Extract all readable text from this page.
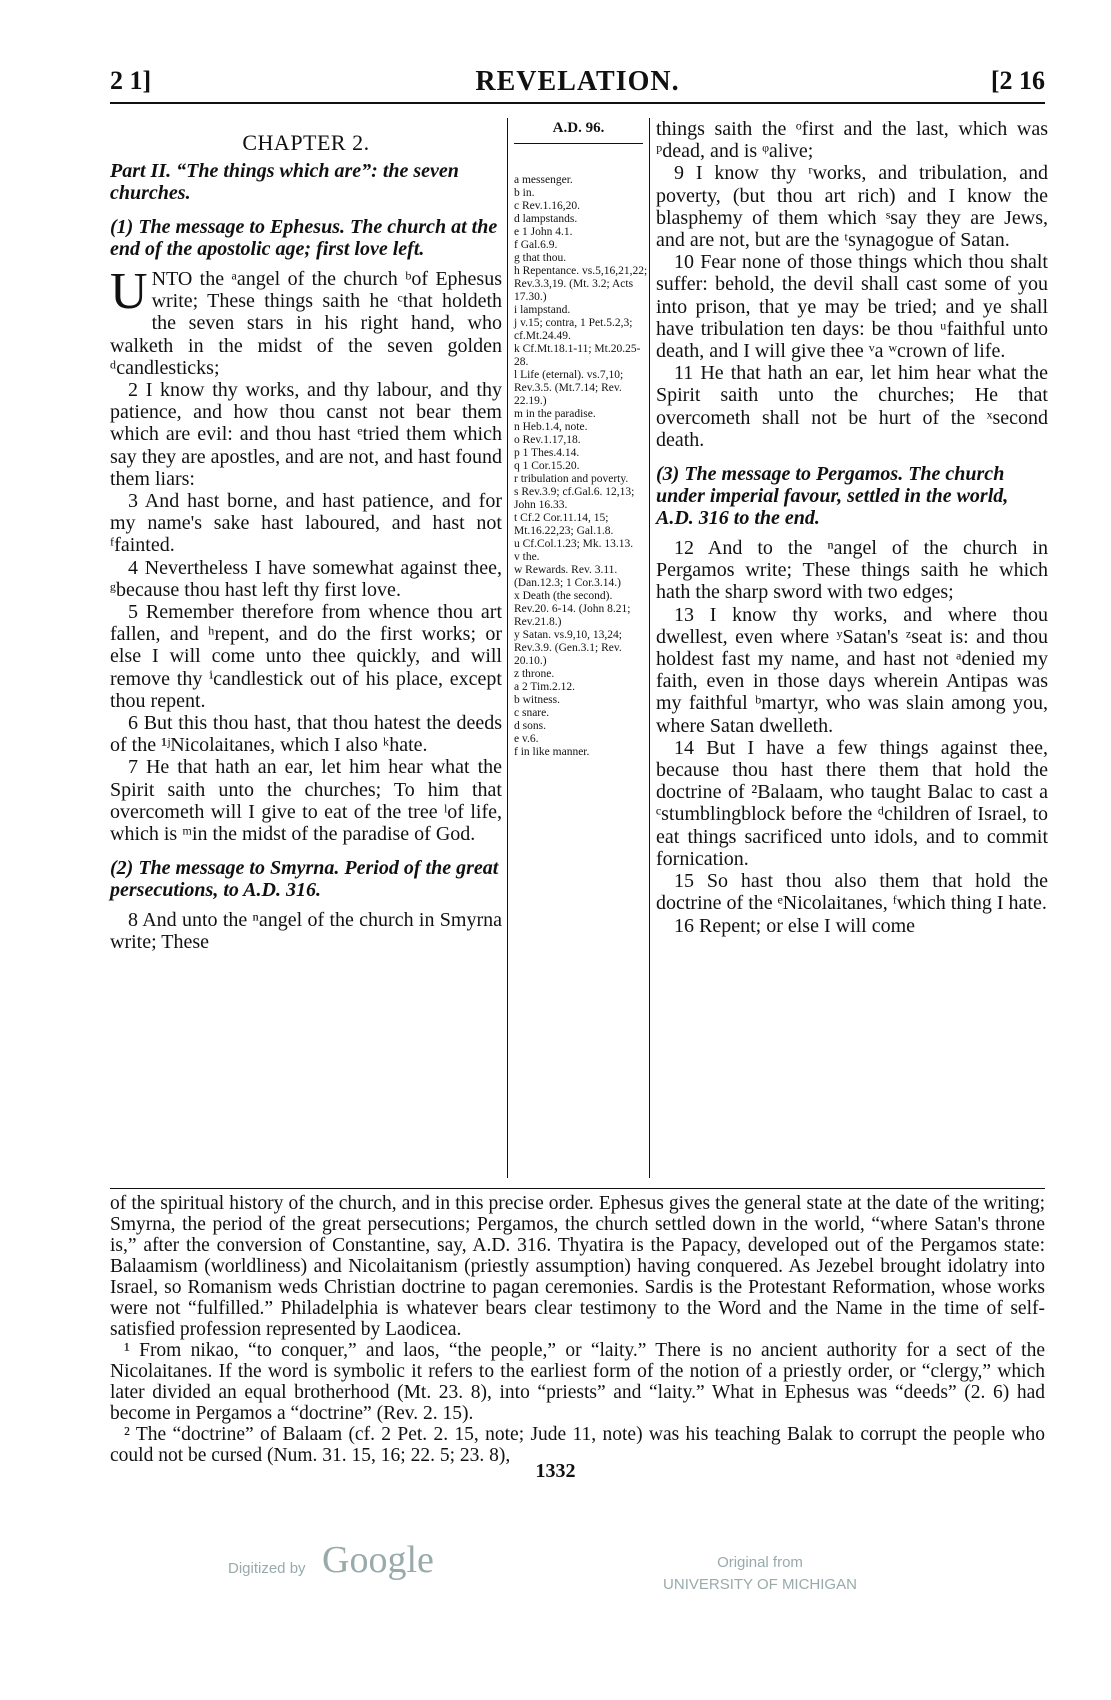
2 1]	REVELATION.	[2 16
CHAPTER 2.

Part II. “The things which are”: the seven churches.

(1) The message to Ephesus. The church at the end of the apostolic age; first love left.

UNTO the ᵃangel of the church ᵇof Ephesus write; These things saith he ᶜthat holdeth the seven stars in his right hand, who walketh in the midst of the seven golden ᵈcandlesticks;

2 I know thy works, and thy labour, and thy patience, and how thou canst not bear them which are evil: and thou hast ᵉtried them which say they are apostles, and are not, and hast found them liars:

3 And hast borne, and hast patience, and for my name's sake hast laboured, and hast not ᶠfainted.

4 Nevertheless I have somewhat against thee, ᵍbecause thou hast left thy first love.

5 Remember therefore from whence thou art fallen, and ʰrepent, and do the first works; or else I will come unto thee quickly, and will remove thy ⁱcandlestick out of his place, except thou repent.

6 But this thou hast, that thou hatest the deeds of the ¹ʲNicolaitanes, which I also ᵏhate.

7 He that hath an ear, let him hear what the Spirit saith unto the churches; To him that overcometh will I give to eat of the tree ˡof life, which is ᵐin the midst of the paradise of God.

(2) The message to Smyrna. Period of the great persecutions, to A.D. 316.

8 And unto the ⁿangel of the church in Smyrna write; These

A.D. 96.

a messenger.

b in.

c Rev.1.16,20.

d lampstands.

e 1 John 4.1.

f Gal.6.9.

g that thou.

h Repentance. vs.5,16,21,22; Rev.3.3,19. (Mt. 3.2; Acts 17.30.)

i lampstand.

j v.15; contra, 1 Pet.5.2,3; cf.Mt.24.49.

k Cf.Mt.18.1-11; Mt.20.25-28.

l Life (eternal). vs.7,10; Rev.3.5. (Mt.7.14; Rev. 22.19.)

m in the paradise.

n Heb.1.4, note.

o Rev.1.17,18.

p 1 Thes.4.14.

q 1 Cor.15.20.

r tribulation and poverty.

s Rev.3.9; cf.Gal.6. 12,13; John 16.33.

t Cf.2 Cor.11.14, 15; Mt.16.22,23; Gal.1.8.

u Cf.Col.1.23; Mk. 13.13.

v the.

w Rewards. Rev. 3.11. (Dan.12.3; 1 Cor.3.14.)

x Death (the second). Rev.20. 6-14. (John 8.21; Rev.21.8.)

y Satan. vs.9,10, 13,24; Rev.3.9. (Gen.3.1; Rev. 20.10.)

z throne.

a 2 Tim.2.12.

b witness.

c snare.

d sons.

e v.6.

f in like manner.

things saith the ᵒfirst and the last, which was ᵖdead, and is ᵠalive;

9 I know thy ʳworks, and tribulation, and poverty, (but thou art rich) and I know the blasphemy of them which ˢsay they are Jews, and are not, but are the ᵗsynagogue of Satan.

10 Fear none of those things which thou shalt suffer: behold, the devil shall cast some of you into prison, that ye may be tried; and ye shall have tribulation ten days: be thou ᵘfaithful unto death, and I will give thee ᵛa ʷcrown of life.

11 He that hath an ear, let him hear what the Spirit saith unto the churches; He that overcometh shall not be hurt of the ˣsecond death.

(3) The message to Pergamos. The church under imperial favour, settled in the world, A.D. 316 to the end.

12 And to the ⁿangel of the church in Pergamos write; These things saith he which hath the sharp sword with two edges;

13 I know thy works, and where thou dwellest, even where ʸSatan's ᶻseat is: and thou holdest fast my name, and hast not ᵃdenied my faith, even in those days wherein Antipas was my faithful ᵇmartyr, who was slain among you, where Satan dwelleth.

14 But I have a few things against thee, because thou hast there them that hold the doctrine of ²Balaam, who taught Balac to cast a ᶜstumblingblock before the ᵈchildren of Israel, to eat things sacrificed unto idols, and to commit fornication.

15 So hast thou also them that hold the doctrine of the ᵉNicolaitanes, ᶠwhich thing I hate.

16 Repent; or else I will come

of the spiritual history of the church, and in this precise order. Ephesus gives the general state at the date of the writing; Smyrna, the period of the great persecutions; Pergamos, the church settled down in the world, “where Satan's throne is,” after the conversion of Constantine, say, A.D. 316. Thyatira is the Papacy, developed out of the Pergamos state: Balaamism (worldliness) and Nicolaitanism (priestly assumption) having conquered. As Jezebel brought idolatry into Israel, so Romanism weds Christian doctrine to pagan ceremonies. Sardis is the Protestant Reformation, whose works were not “fulfilled.” Philadelphia is whatever bears clear testimony to the Word and the Name in the time of self-satisfied profession represented by Laodicea.

¹ From nikao, “to conquer,” and laos, “the people,” or “laity.” There is no ancient authority for a sect of the Nicolaitanes. If the word is symbolic it refers to the earliest form of the notion of a priestly order, or “clergy,” which later divided an equal brotherhood (Mt. 23. 8), into “priests” and “laity.” What in Ephesus was “deeds” (2. 6) had become in Pergamos a “doctrine” (Rev. 2. 15).

² The “doctrine” of Balaam (cf. 2 Pet. 2. 15, note; Jude 11, note) was his teaching Balak to corrupt the people who could not be cursed (Num. 31. 15, 16; 22. 5; 23. 8),

1332
Digitized by Google	Original from
UNIVERSITY OF MICHIGAN
